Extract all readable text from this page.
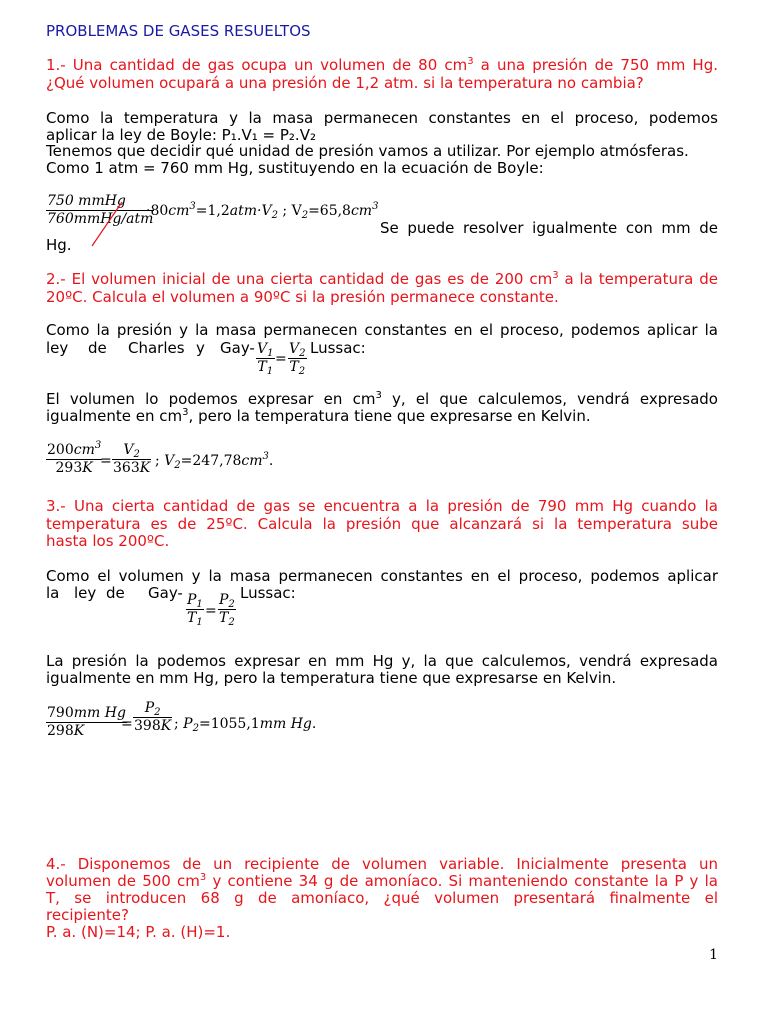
PROBLEMAS DE GASES RESUELTOS
1.- Una cantidad de gas ocupa un volumen de 80 $cm^3$ a una presión de 750 mm Hg.
¿Qué volumen ocupará a una presión de 1,2 atm. si la temperatura no cambia?
Como la temperatura y la masa permanecen constantes en el proceso, podemos
aplicar la ley de Boyle: P₁.V₁ = P₂.V₂
Tenemos que decidir qué unidad de presión vamos a utilizar. Por ejemplo atmósferas.
Como 1 atm = 760 mm Hg, sustituyendo en la ecuación de Boyle:
750 mmHg
760mmHg/atm
$\cdot 80cm^3=1,2atm\cdot V_2$ ; $V_2=65,8cm^3$
Se puede resolver igualmente con mm de
Hg.
2.- El volumen inicial de una cierta cantidad de gas es de 200 $cm^3$ a la temperatura de
20ºC. Calcula el volumen a 90ºC si la presión permanece constante.
Como la presión y la masa permanecen constantes en el proceso, podemos aplicar la
ley de Charles y Gay-	Lussac:
$V_1$
$T_1$
=
$V_2$
$T_2$
El volumen lo podemos expresar en $cm^3$ y, el que calculemos, vendrá expresado
igualmente en $cm^3$, pero la temperatura tiene que expresarse en Kelvin.
$200cm^3$
293K =
$V_2$
363K ; $V_2=247,78cm^3$.
3.- Una cierta cantidad de gas se encuentra a la presión de 790 mm Hg cuando la
temperatura es de 25ºC. Calcula la presión que alcanzará si la temperatura sube
hasta los 200ºC.
Como el volumen y la masa permanecen constantes en el proceso, podemos aplicar
la ley de Gay-	Lussac:
$P_1$
$T_1$
=
$P_2$
$T_2$
La presión la podemos expresar en mm Hg y, la que calculemos, vendrá expresada
igualmente en mm Hg, pero la temperatura tiene que expresarse en Kelvin.
790mm Hg
298K	=
$P_2$
398K ; $P_2=1055,1mm$ Hg.
4.- Disponemos de un recipiente de volumen variable. Inicialmente presenta un
volumen de 500 $cm^3$ y contiene 34 g de amoníaco. Si manteniendo constante la P y la
T, se introducen 68 g de amoníaco, ¿qué volumen presentará finalmente el
recipiente?
P. a. (N)=14; P. a. (H)=1.
1
